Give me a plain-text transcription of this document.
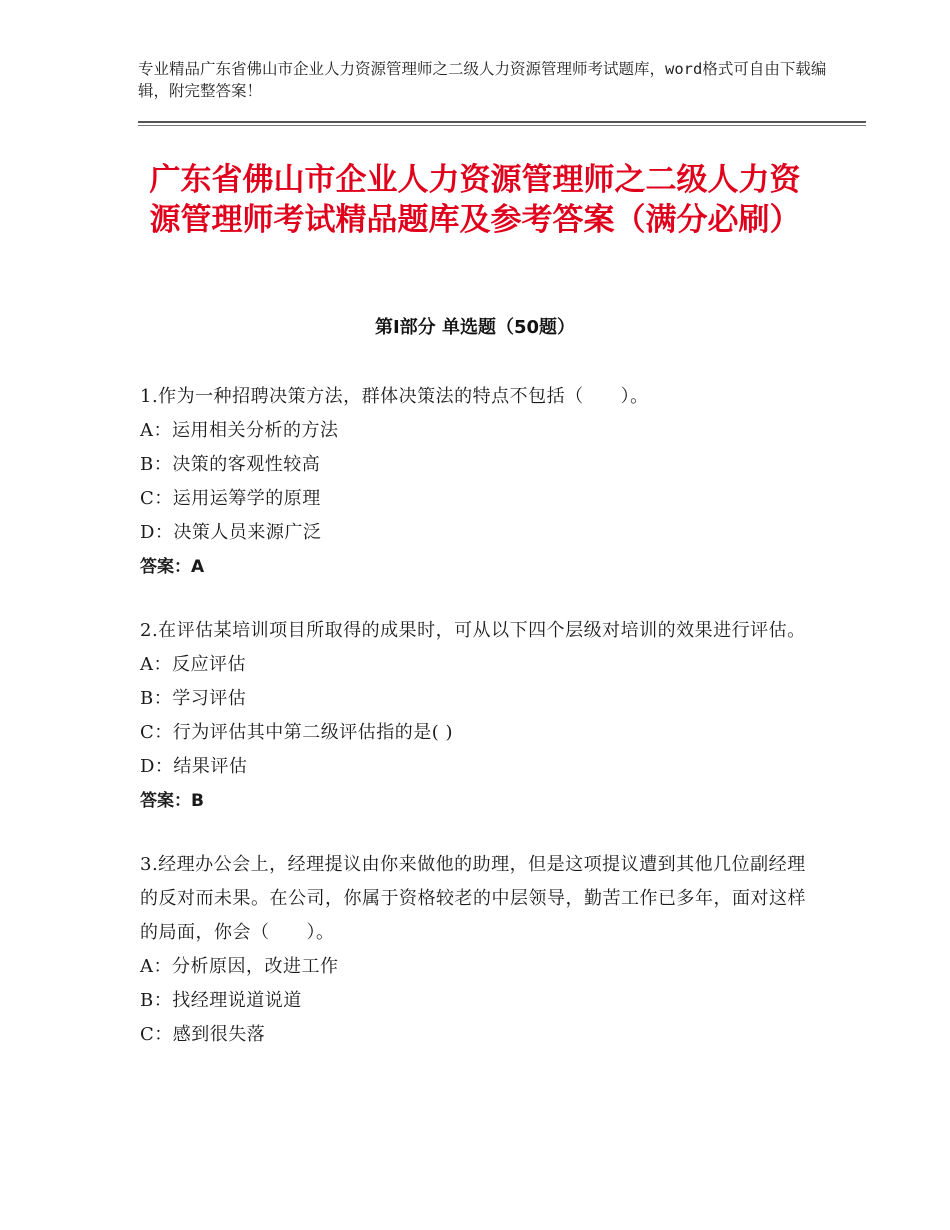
专业精品广东省佛山市企业人力资源管理师之二级人力资源管理师考试题库，word格式可自由下载编辑，附完整答案！
广东省佛山市企业人力资源管理师之二级人力资源管理师考试精品题库及参考答案（满分必刷）
第Ⅰ部分 单选题（50题）
1.作为一种招聘决策方法，群体决策法的特点不包括（　　）。
A：运用相关分析的方法
B：决策的客观性较高
C：运用运筹学的原理
D：决策人员来源广泛
答案：A
2.在评估某培训项目所取得的成果时，可从以下四个层级对培训的效果进行评估。
A：反应评估
B：学习评估
C：行为评估其中第二级评估指的是( )
D：结果评估
答案：B
3.经理办公会上，经理提议由你来做他的助理，但是这项提议遭到其他几位副经理的反对而未果。在公司，你属于资格较老的中层领导，勤苦工作已多年，面对这样的局面，你会（　　）。
A：分析原因，改进工作
B：找经理说道说道
C：感到很失落
